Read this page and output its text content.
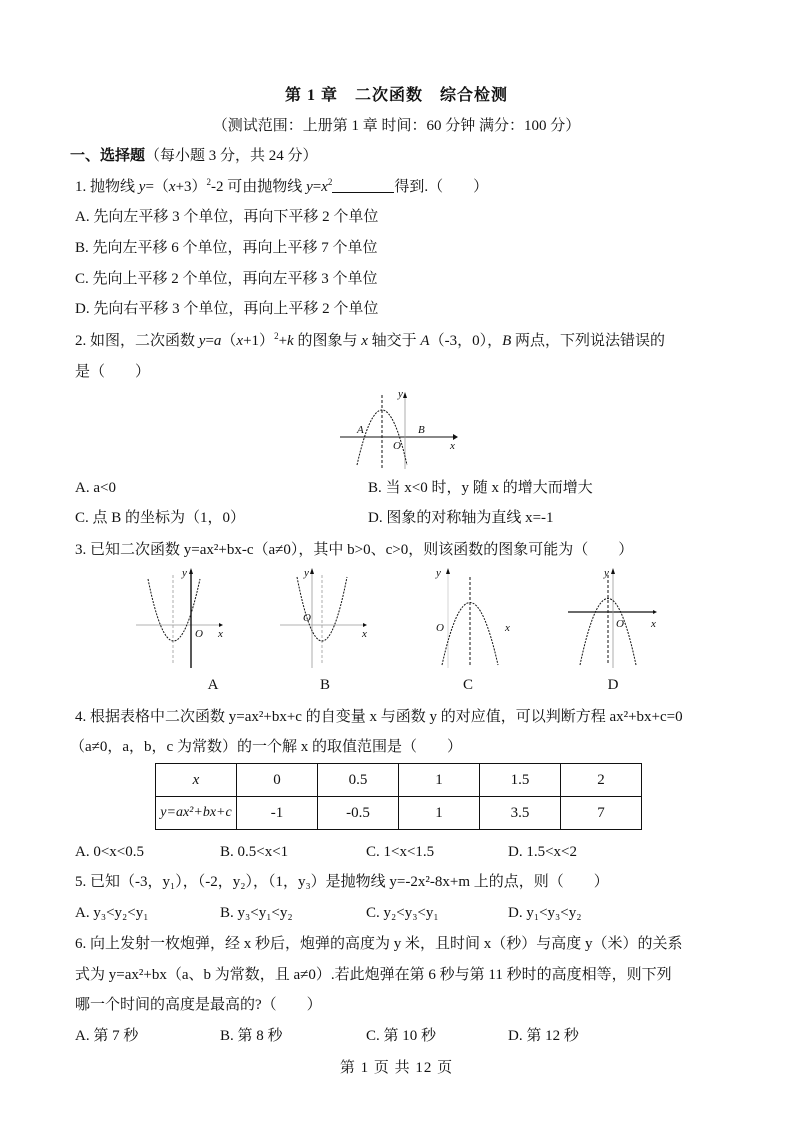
第 1 章　二次函数　综合检测
（测试范围：上册第 1 章 时间：60 分钟 满分：100 分）
一、选择题（每小题 3 分，共 24 分）
1. 抛物线 $y=(x+3)^2-2$ 可由抛物线 $y=x^2$	得到.（　　）
A. 先向左平移 3 个单位，再向下平移 2 个单位
B. 先向左平移 6 个单位，再向上平移 7 个单位
C. 先向上平移 2 个单位，再向左平移 3 个单位
D. 先向右平移 3 个单位，再向上平移 2 个单位
2. 如图，二次函数 $y=a(x+1)^2+k$ 的图象与 x 轴交于 A（-3，0），B 两点，下列说法错误的
是（　　）
y
A	B
O	x
A. a<0	B. 当 x<0 时，y 随 x 的增大而增大
C. 点 B 的坐标为（1，0）	D. 图象的对称轴为直线 x=-1
3. 已知二次函数 y=ax²+bx-c（a≠0），其中 b>0、c>0，则该函数的图象可能为（　　）
y
O x
A
y
O
x
B
y
O	x
C
y
O x
D
4. 根据表格中二次函数 y=ax²+bx+c 的自变量 x 与函数 y 的对应值，可以判断方程 ax²+bx+c=0
（a≠0，a，b，c 为常数）的一个解 x 的取值范围是（　　）
x	0	0.5	1	1.5	2
y=ax²+bx+c	-1	-0.5	1	3.5	7
A. 0<x<0.5	B. 0.5<x<1	C. 1<x<1.5	D. 1.5<x<2
5. 已知（-3，y₁），（-2，y₂），（1，y₃）是抛物线 y=-2x²-8x+m 上的点，则（　　）
A. y₃<y₂<y₁	B. y₃<y₁<y₂	C. y₂<y₃<y₁	D. y₁<y₃<y₂
6. 向上发射一枚炮弹，经 x 秒后，炮弹的高度为 y 米，且时间 x（秒）与高度 y（米）的关系
式为 y=ax²+bx（a、b 为常数，且 a≠0）.若此炮弹在第 6 秒与第 11 秒时的高度相等，则下列
哪一个时间的高度是最高的?（　　）
A. 第 7 秒	B. 第 8 秒	C. 第 10 秒	D. 第 12 秒
第 1 页 共 12 页
